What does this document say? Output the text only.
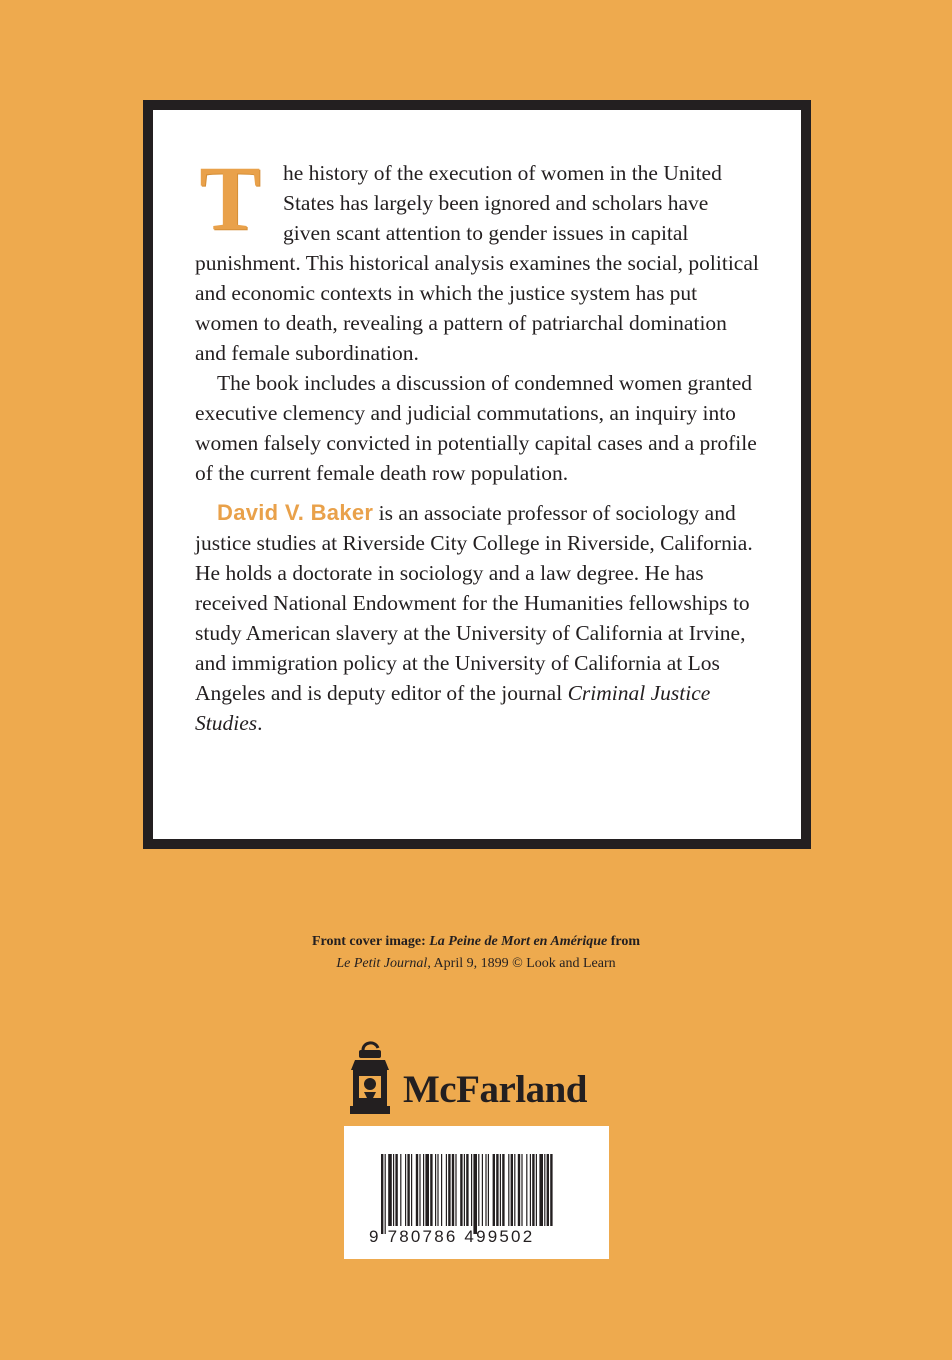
T he history of the execution of women in the United States has largely been ignored and scholars have given scant attention to gender issues in capital punishment. This historical analysis examines the social, political and economic contexts in which the justice system has put women to death, revealing a pattern of patriarchal domination and female subordination.

The book includes a discussion of condemned women granted executive clemency and judicial commutations, an inquiry into women falsely convicted in potentially capital cases and a profile of the current female death row population.

David V. Baker is an associate professor of sociology and justice studies at Riverside City College in Riverside, California. He holds a doctorate in sociology and a law degree. He has received National Endowment for the Humanities fellowships to study American slavery at the University of California at Irvine, and immigration policy at the University of California at Los Angeles and is deputy editor of the journal Criminal Justice Studies.

Front cover image: La Peine de Mort en Amérique from
Le Petit Journal, April 9, 1899 © Look and Learn
McFarland
9 780786 499502
